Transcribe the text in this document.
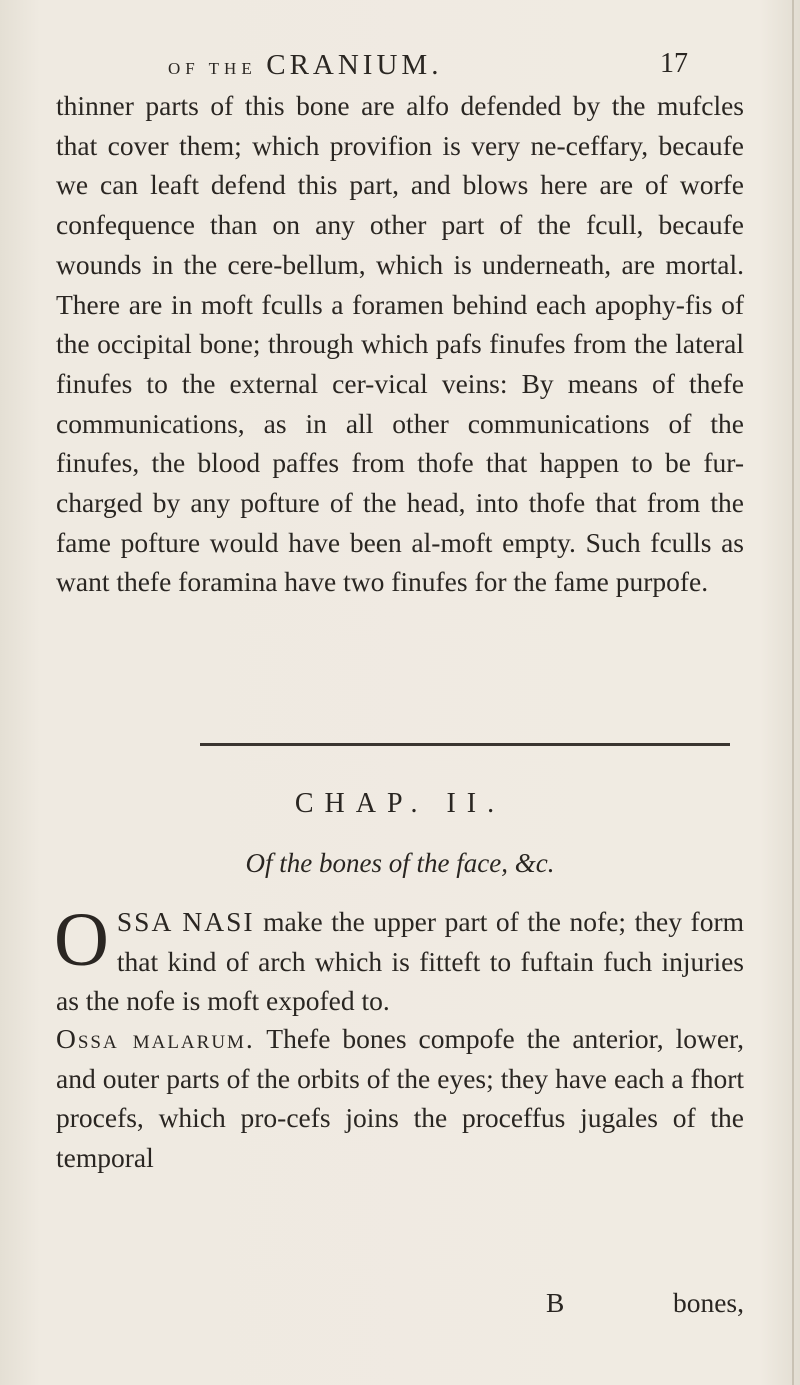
OF THE CRANIUM.	17
thinner parts of this bone are alfo defended by the mufcles that cover them; which provifion is very ne-ceffary, becaufe we can leaft defend this part, and blows here are of worfe confequence than on any other part of the fcull, becaufe wounds in the cere-bellum, which is underneath, are mortal. There are in moft fculls a foramen behind each apophy-fis of the occipital bone; through which pafs finufes from the lateral finufes to the external cer-vical veins: By means of thefe communications, as in all other communications of the finufes, the blood paffes from thofe that happen to be fur-charged by any pofture of the head, into thofe that from the fame pofture would have been al-moft empty. Such fculls as want thefe foramina have two finufes for the fame purpofe.
CHAP. II.
Of the bones of the face, &c.
OSSA NASI make the upper part of the nofe; they form that kind of arch which is fitteft to fuftain fuch injuries as the nofe is moft expofed to.
Ossa malarum. Thefe bones compofe the anterior, lower, and outer parts of the orbits of the eyes; they have each a fhort procefs, which pro-cefs joins the proceffus jugales of the temporal
B	bones,
